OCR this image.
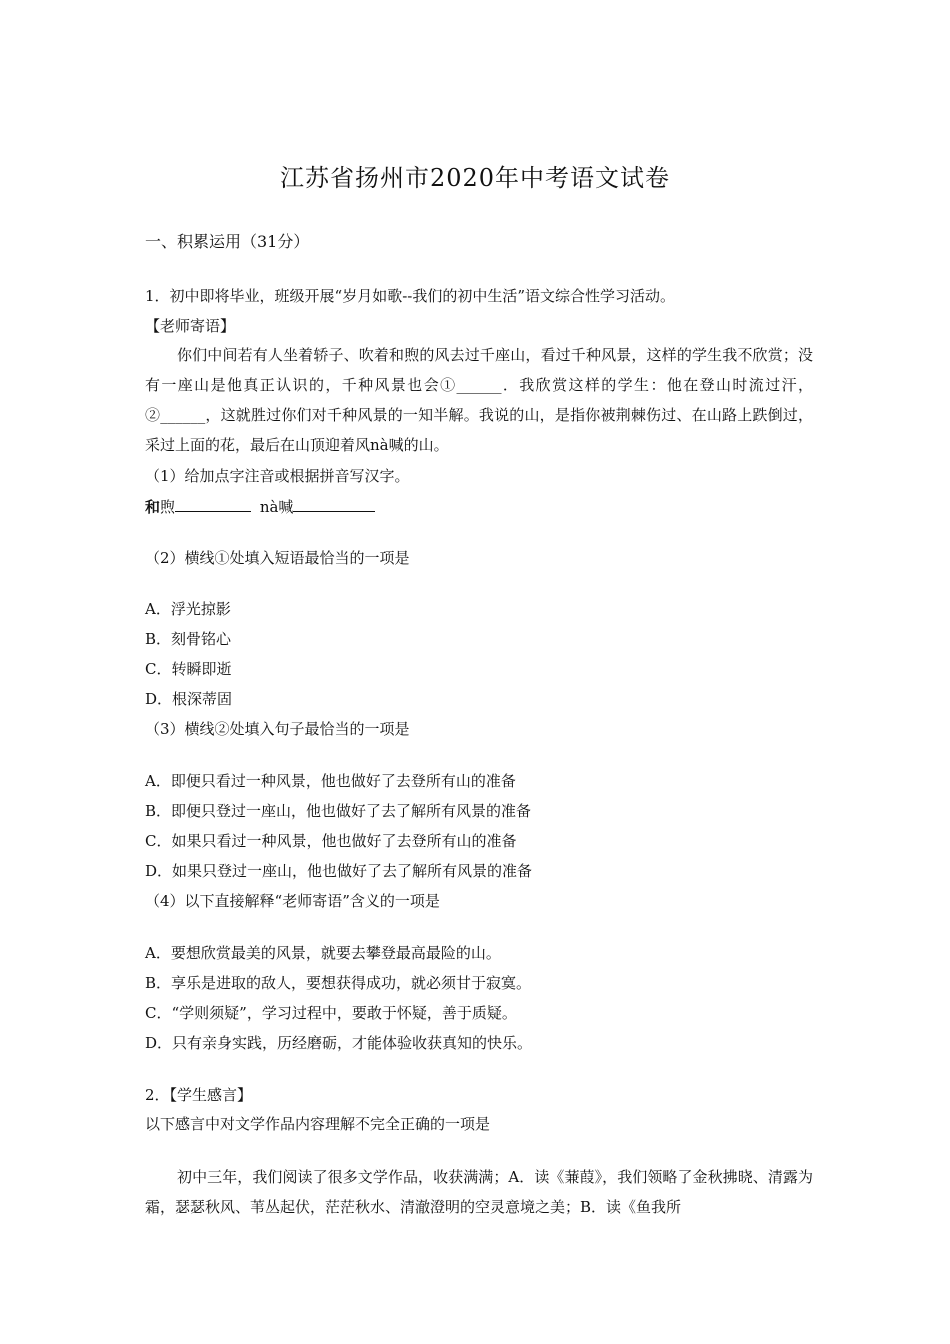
江苏省扬州市2020年中考语文试卷
一、积累运用（31分）
1．初中即将毕业，班级开展“岁月如歌--我们的初中生活”语文综合性学习活动。
【老师寄语】
你们中间若有人坐着轿子、吹着和煦的风去过千座山，看过千种风景，这样的学生我不欣赏；没有一座山是他真正认识的，千种风景也会①______．我欣赏这样的学生：他在登山时流过汗，②______，这就胜过你们对千种风景的一知半解。我说的山，是指你被荆棘伤过、在山路上跌倒过，采过上面的花，最后在山顶迎着风nà喊的山。
（1）给加点字注音或根据拼音写汉字。
和煦	nà喊
（2）横线①处填入短语最恰当的一项是
A．浮光掠影
B．刻骨铭心
C．转瞬即逝
D．根深蒂固
（3）横线②处填入句子最恰当的一项是
A．即便只看过一种风景，他也做好了去登所有山的准备
B．即便只登过一座山，他也做好了去了解所有风景的准备
C．如果只看过一种风景，他也做好了去登所有山的准备
D．如果只登过一座山，他也做好了去了解所有风景的准备
（4）以下直接解释“老师寄语”含义的一项是
A．要想欣赏最美的风景，就要去攀登最高最险的山。
B．享乐是进取的敌人，要想获得成功，就必须甘于寂寞。
C．“学则须疑”，学习过程中，要敢于怀疑，善于质疑。
D．只有亲身实践，历经磨砺，才能体验收获真知的快乐。
2．【学生感言】
以下感言中对文学作品内容理解不完全正确的一项是
初中三年，我们阅读了很多文学作品，收获满满；A．读《蒹葭》，我们领略了金秋拂晓、清露为霜，瑟瑟秋风、苇丛起伏，茫茫秋水、清澈澄明的空灵意境之美；B．读《鱼我所
